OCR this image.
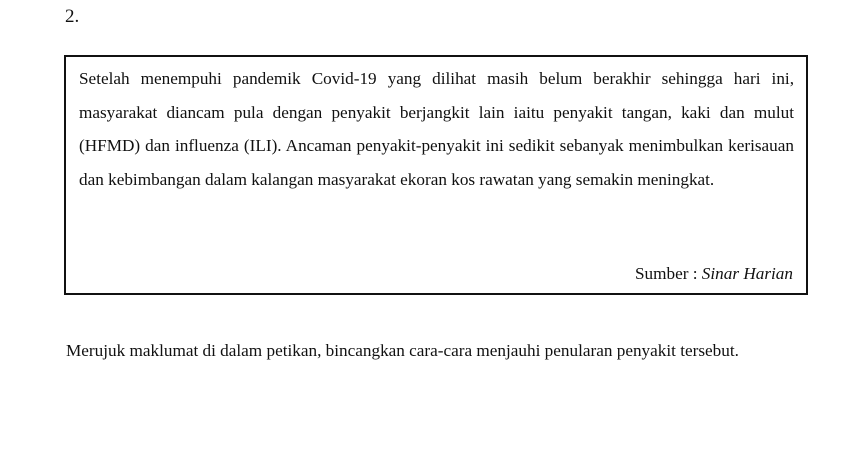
2.

Setelah menempuhi pandemik Covid-19 yang dilihat masih belum berakhir sehingga hari ini, masyarakat diancam pula dengan penyakit berjangkit lain iaitu penyakit tangan, kaki dan mulut (HFMD) dan influenza (ILI). Ancaman penyakit-penyakit ini sedikit sebanyak menimbulkan kerisauan dan kebimbangan dalam kalangan masyarakat ekoran kos rawatan yang semakin meningkat.

Sumber : Sinar Harian

Merujuk maklumat di dalam petikan, bincangkan cara-cara menjauhi penularan penyakit tersebut.
